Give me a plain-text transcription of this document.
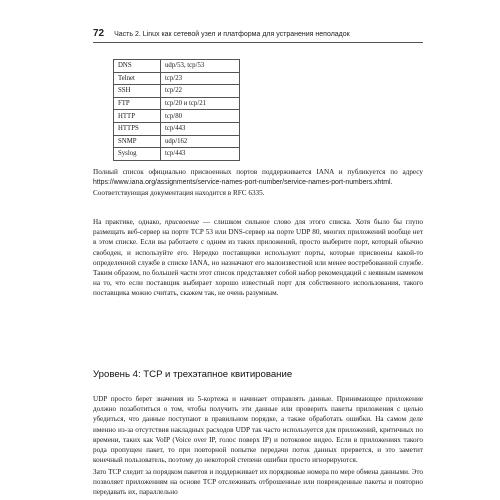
72 Часть 2. Linux как сетевой узел и платформа для устранения неполадок
DNS	udp/53, tcp/53
Telnet	tcp/23
SSH	tcp/22
FTP	tcp/20 и tcp/21
HTTP	tcp/80
HTTPS	tcp/443
SNMP	udp/162
Syslog	tcp/443

Полный список официально присвоенных портов поддерживается IANA и публикуется по адресу https://www.iana.org/assignments/service-names-port-number/service-names-port-numbers.xhtml. Соответствующая документация находится в RFC 6335.

На практике, однако, присвоение — слишком сильное слово для этого списка. Хотя было бы глупо размещать веб-сервер на порте TCP 53 или DNS-сервер на порте UDP 80, многих приложений вообще нет в этом списке. Если вы работаете с одним из таких приложений, просто выберите порт, который обычно свободен, и используйте его. Нередко поставщики используют порты, которые присвоены какой-то определенной службе в списке IANA, но назначают его малоизвестной или менее востребованной службе. Таким образом, по большей части этот список представляет собой набор рекомендаций с неявным намеком на то, что если поставщик выбирает хорошо известный порт для собственного использования, такого поставщика можно считать, скажем так, не очень разумным.

Уровень 4: TCP и трехэтапное квитирование

UDP просто берет значения из 5-кортежа и начинает отправлять данные. Принимающее приложение должно позаботиться о том, чтобы получить эти данные или проверить пакеты приложения с целью убедиться, что данные поступают в правильном порядке, а также обработать ошибки. На самом деле именно из-за отсутствия накладных расходов UDP так часто используется для приложений, критичных по времени, таких как VoIP (Voice over IP, голос поверх IP) и потоковое видео. Если в приложениях такого рода пропущен пакет, то при повторной попытке передачи поток данных прервется, и это заметит конечный пользователь, поэтому до некоторой степени ошибки просто игнорируются.

Зато TCP следит за порядком пакетов и поддерживает их порядковые номера по мере обмена данными. Это позволяет приложениям на основе TCP отслеживать отброшенные или поврежденные пакеты и повторно передавать их, параллельно
